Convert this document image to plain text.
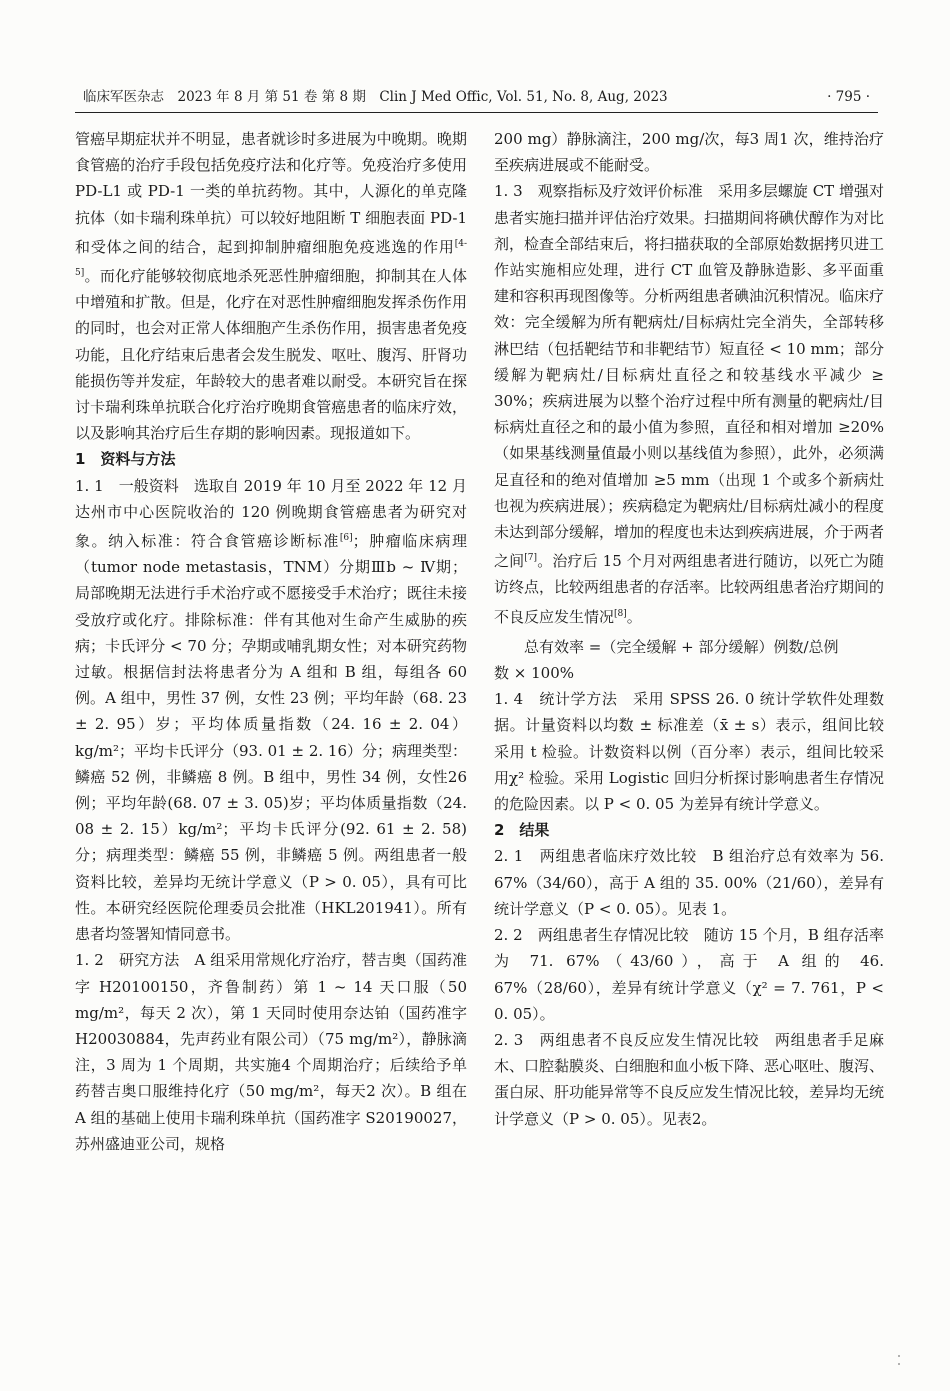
临床军医杂志　2023 年 8 月 第 51 卷 第 8 期　Clin J Med Offic, Vol. 51, No. 8, Aug, 2023	· 795 ·

管癌早期症状并不明显，患者就诊时多进展为中晚期。晚期食管癌的治疗手段包括免疫疗法和化疗等。免疫治疗多使用 PD-L1 或 PD-1 一类的单抗药物。其中，人源化的单克隆抗体（如卡瑞利珠单抗）可以较好地阻断 T 细胞表面 PD-1 和受体之间的结合，起到抑制肿瘤细胞免疫逃逸的作用[4-5]。而化疗能够较彻底地杀死恶性肿瘤细胞，抑制其在人体中增殖和扩散。但是，化疗在对恶性肿瘤细胞发挥杀伤作用的同时，也会对正常人体细胞产生杀伤作用，损害患者免疫功能，且化疗结束后患者会发生脱发、呕吐、腹泻、肝肾功能损伤等并发症，年龄较大的患者难以耐受。本研究旨在探讨卡瑞利珠单抗联合化疗治疗晚期食管癌患者的临床疗效，以及影响其治疗后生存期的影响因素。现报道如下。

1　资料与方法

1. 1　一般资料　选取自 2019 年 10 月至 2022 年 12 月达州市中心医院收治的 120 例晚期食管癌患者为研究对象。纳入标准：符合食管癌诊断标准[6]；肿瘤临床病理（tumor node metastasis，TNM）分期Ⅲb ~ Ⅳ期；局部晚期无法进行手术治疗或不愿接受手术治疗；既往未接受放疗或化疗。排除标准：伴有其他对生命产生威胁的疾病；卡氏评分 < 70 分；孕期或哺乳期女性；对本研究药物过敏。根据信封法将患者分为 A 组和 B 组，每组各 60 例。A 组中，男性 37 例，女性 23 例；平均年龄（68. 23 ± 2. 95）岁；平均体质量指数（24. 16 ± 2. 04）kg/m²；平均卡氏评分（93. 01 ± 2. 16）分；病理类型：鳞癌 52 例，非鳞癌 8 例。B 组中，男性 34 例，女性26 例；平均年龄(68. 07 ± 3. 05)岁；平均体质量指数（24. 08 ± 2. 15）kg/m²；平均卡氏评分(92. 61 ± 2. 58)分；病理类型：鳞癌 55 例，非鳞癌 5 例。两组患者一般资料比较，差异均无统计学意义（P > 0. 05），具有可比性。本研究经医院伦理委员会批准（HKL201941）。所有患者均签署知情同意书。

1. 2　研究方法　A 组采用常规化疗治疗，替吉奥（国药准字 H20100150，齐鲁制药）第 1 ~ 14 天口服（50 mg/m²，每天 2 次），第 1 天同时使用奈达铂（国药准字 H20030884，先声药业有限公司）（75 mg/m²），静脉滴注，3 周为 1 个周期，共实施4 个周期治疗；后续给予单药替吉奥口服维持化疗（50 mg/m²，每天2 次）。B 组在 A 组的基础上使用卡瑞利珠单抗（国药准字 S20190027，苏州盛迪亚公司，规格

200 mg）静脉滴注，200 mg/次，每3 周1 次，维持治疗至疾病进展或不能耐受。

1. 3　观察指标及疗效评价标准　采用多层螺旋 CT 增强对患者实施扫描并评估治疗效果。扫描期间将碘伏醇作为对比剂，检查全部结束后，将扫描获取的全部原始数据拷贝进工作站实施相应处理，进行 CT 血管及静脉造影、多平面重建和容积再现图像等。分析两组患者碘油沉积情况。临床疗效：完全缓解为所有靶病灶/目标病灶完全消失，全部转移淋巴结（包括靶结节和非靶结节）短直径 < 10 mm；部分缓解为靶病灶/目标病灶直径之和较基线水平减少 ≥ 30%；疾病进展为以整个治疗过程中所有测量的靶病灶/目标病灶直径之和的最小值为参照，直径和相对增加 ≥20%（如果基线测量值最小则以基线值为参照），此外，必须满足直径和的绝对值增加 ≥5 mm（出现 1 个或多个新病灶也视为疾病进展）；疾病稳定为靶病灶/目标病灶减小的程度未达到部分缓解，增加的程度也未达到疾病进展，介于两者之间[7]。治疗后 15 个月对两组患者进行随访，以死亡为随访终点，比较两组患者的存活率。比较两组患者治疗期间的不良反应发生情况[8]。

总有效率 =（完全缓解 + 部分缓解）例数/总例
数 × 100%

1. 4　统计学方法　采用 SPSS 26. 0 统计学软件处理数据。计量资料以均数 ± 标准差（x̄ ± s）表示，组间比较采用 t 检验。计数资料以例（百分率）表示，组间比较采用χ² 检验。采用 Logistic 回归分析探讨影响患者生存情况的危险因素。以 P < 0. 05 为差异有统计学意义。

2　结果

2. 1　两组患者临床疗效比较　B 组治疗总有效率为 56. 67%（34/60），高于 A 组的 35. 00%（21/60），差异有统计学意义（P < 0. 05）。见表 1。

2. 2　两组患者生存情况比较　随访 15 个月，B 组存活率为 71. 67%（43/60），高于 A 组的 46. 67%（28/60），差异有统计学意义（χ² = 7. 761，P < 0. 05）。

2. 3　两组患者不良反应发生情况比较　两组患者手足麻木、口腔黏膜炎、白细胞和血小板下降、恶心呕吐、腹泻、蛋白尿、肝功能异常等不良反应发生情况比较，差异均无统计学意义（P > 0. 05）。见表2。
